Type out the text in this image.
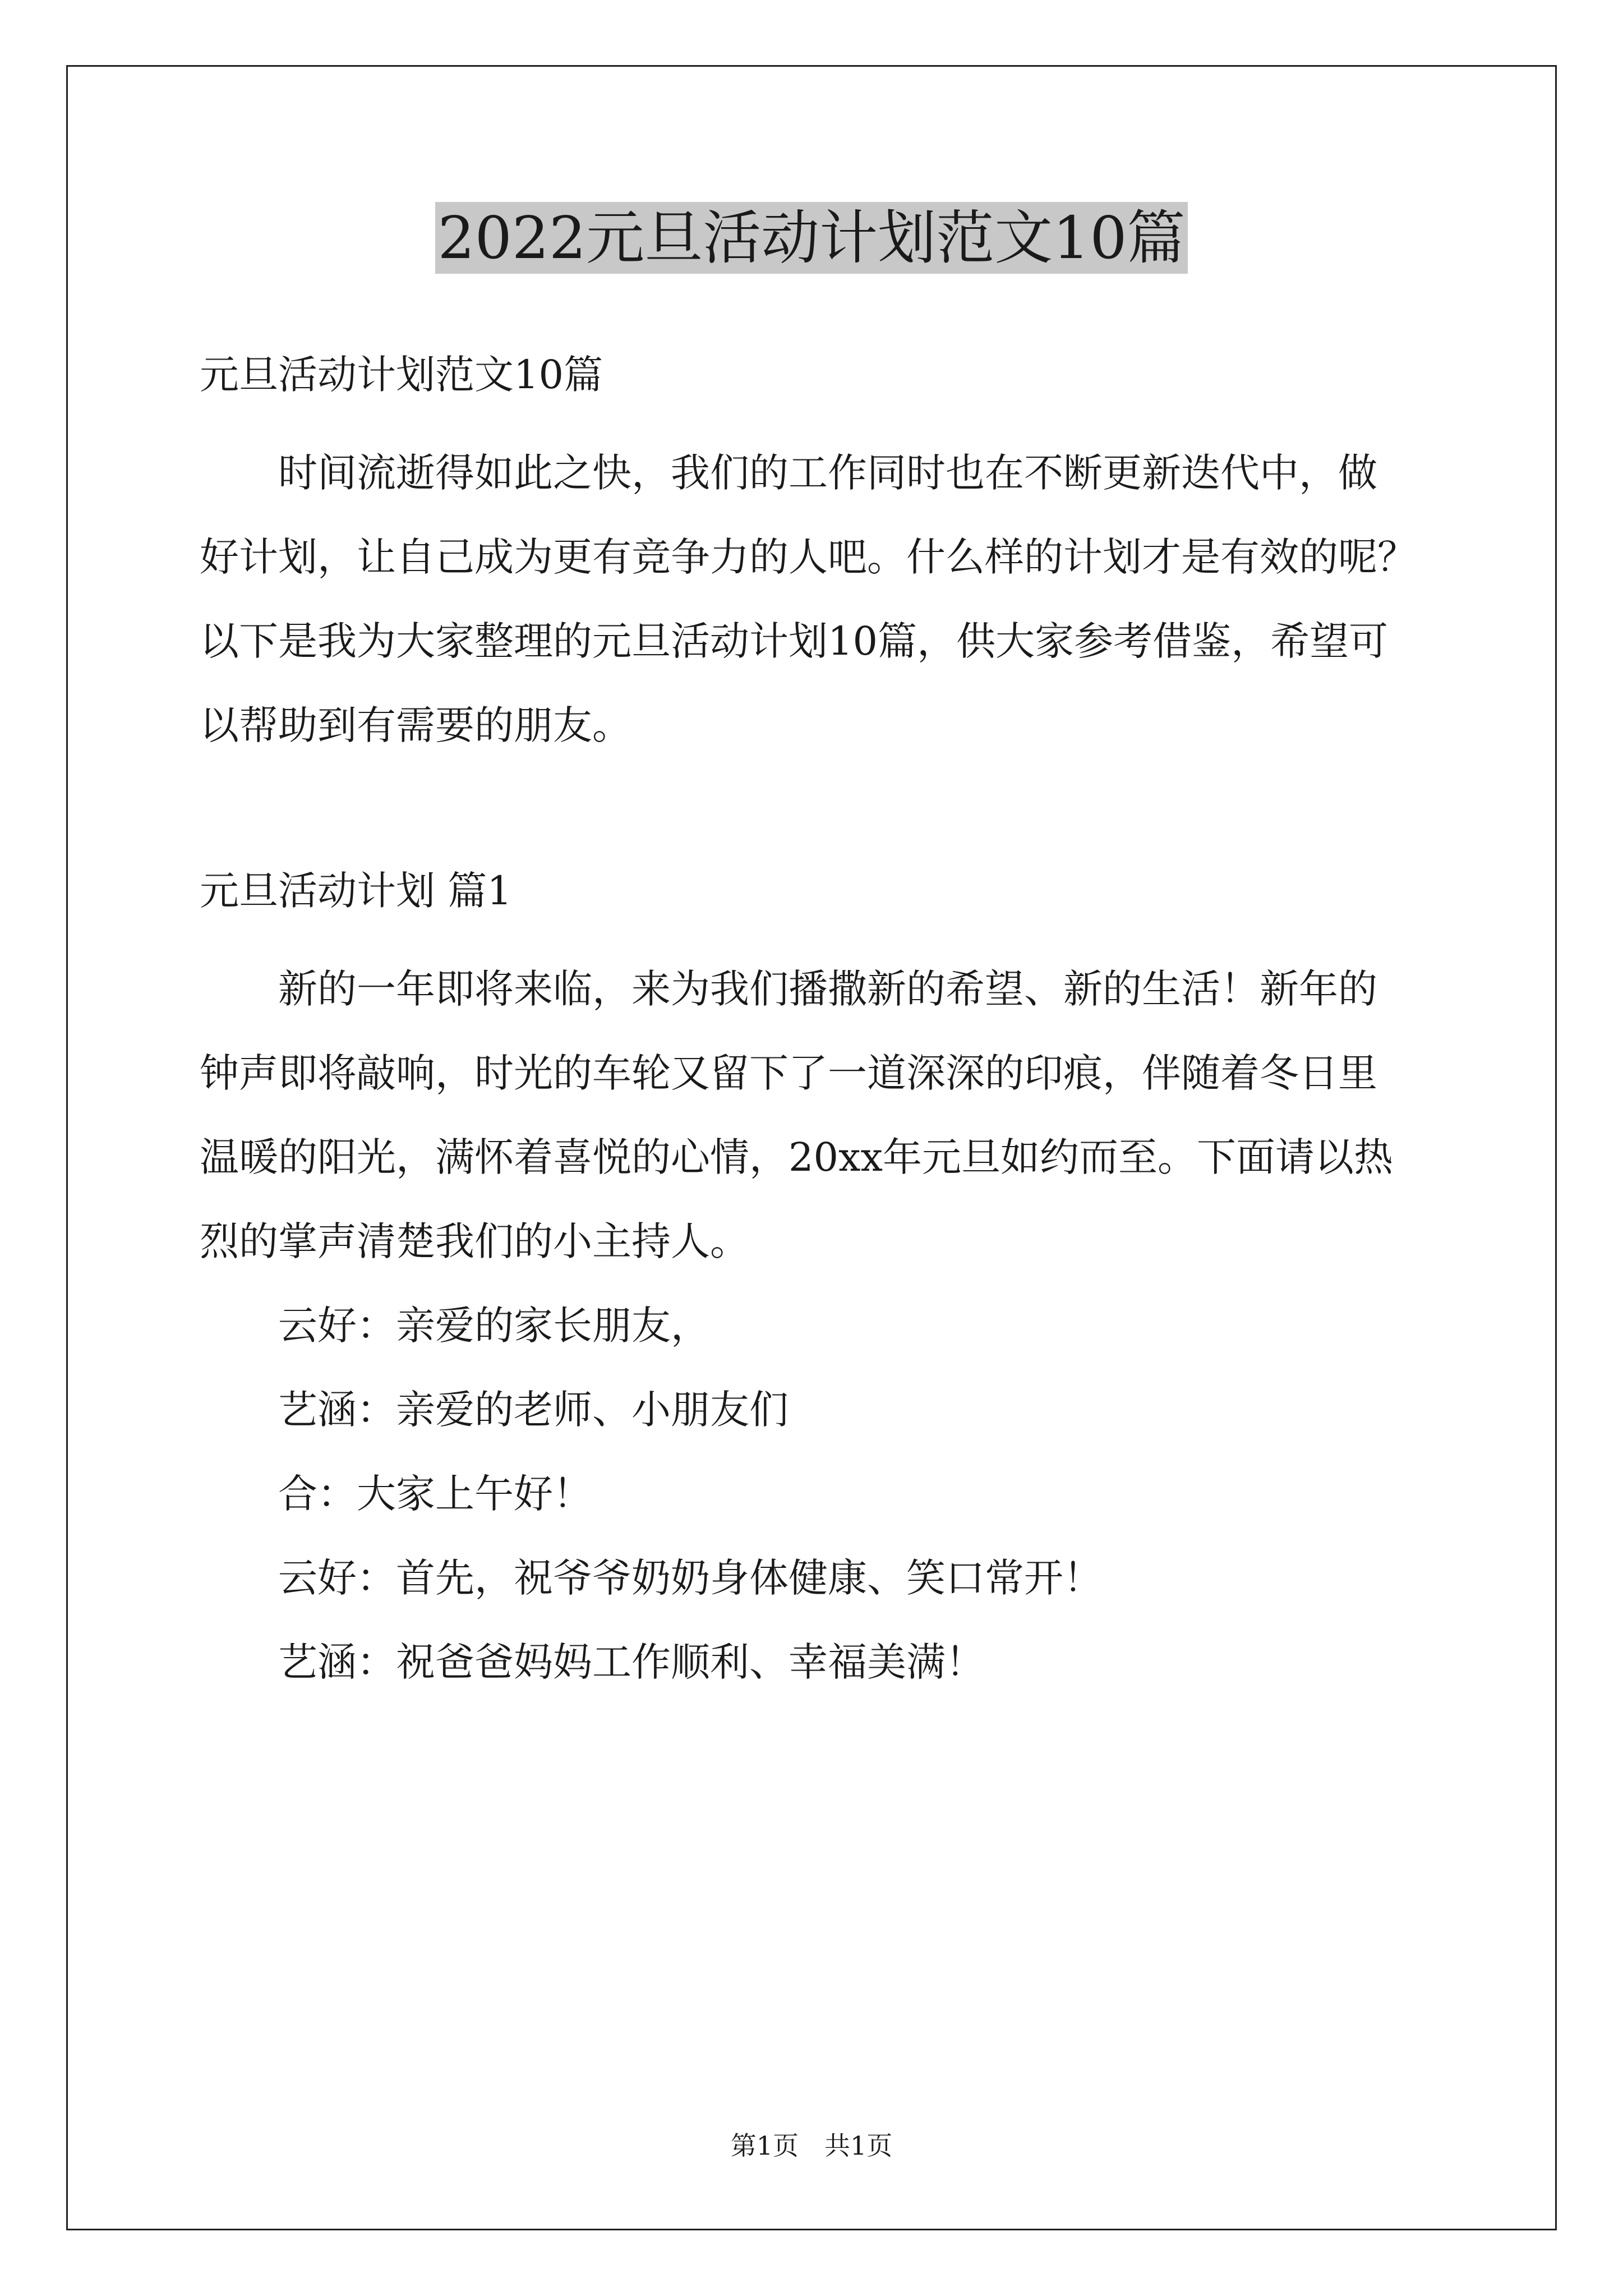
2022元旦活动计划范文10篇

元旦活动计划范文10篇

时间流逝得如此之快，我们的工作同时也在不断更新迭代中，做
好计划，让自己成为更有竞争力的人吧。什么样的计划才是有效的呢？
以下是我为大家整理的元旦活动计划10篇，供大家参考借鉴，希望可
以帮助到有需要的朋友。

元旦活动计划 篇1

新的一年即将来临，来为我们播撒新的希望、新的生活！新年的
钟声即将敲响，时光的车轮又留下了一道深深的印痕，伴随着冬日里
温暖的阳光，满怀着喜悦的心情，20xx年元旦如约而至。下面请以热
烈的掌声清楚我们的小主持人。
云好：亲爱的家长朋友，
艺涵：亲爱的老师、小朋友们
合：大家上午好！
云好：首先，祝爷爷奶奶身体健康、笑口常开！
艺涵：祝爸爸妈妈工作顺利、幸福美满！
第1页　共1页
